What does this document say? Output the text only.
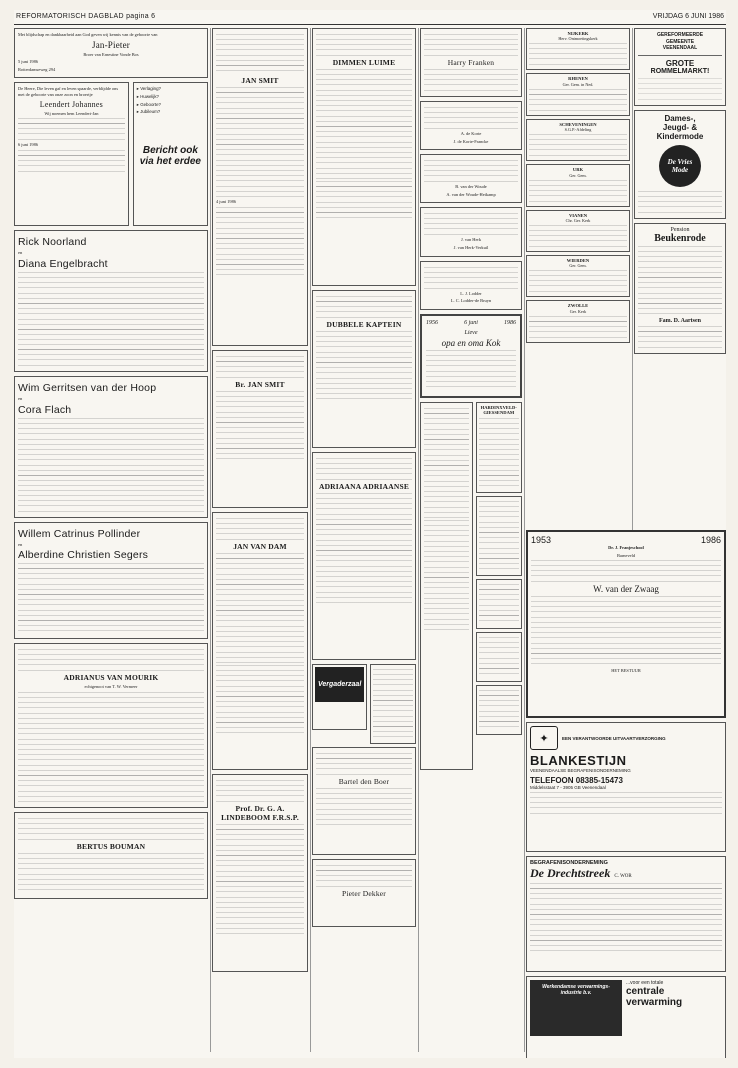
REFORMATORISCH DAGBLAD pagina 6	VRIJDAG 6 JUNI 1986

Met blijdschap en dankbaarheid aan God geven wij kennis van de geboorte van

Jan-Pieter

Broer van Ernestine Vonde Bos

5 juni 1986

Rotterdamseweg 294

De Heere, Die leven gaf en leven spaarde, verblijdde ons met de geboorte van onze zoon en broertje

Leendert Johannes

Wij noemen hem Leendert-Jan

6 juni 1986

▸ Verlaging?
▸ Huwelijk?
▸ Geboorte?
▸ Jubileum?
Bericht ook via het erdee
Rick Noorland
en
Diana Engelbracht
Wim Gerritsen van der Hoop
en
Cora Flach
Willem Catrinus Pollinder
en
Alberdine Christien Segers
ADRIANUS VAN MOURIK

echtgenoot van T. W. Vermeer

BERTUS BOUMAN
JAN SMIT

4 juni 1986

Br. JAN SMIT
JAN VAN DAM
Prof. Dr. G. A. LINDEBOOM F.R.S.P.
DIMMEN LUIME
DUBBELE KAPTEIN
ADRIAANA ADRIAANSE
Vergaderzaal
Bartel den Boer
Pieter Dekker
Harry Franken
A. de Korte
J. de Korte-Francke
B. van der Woude
A. van der Woude-Heikamp
J. van Herk
J. van Herk-Verkuil
L. J. Lodder
L. C. Lodder-de Bruyn
1956	6 juni	1986
Lieve
opa en oma Kok
HARDINXVELD-GIESSENDAM
NIJKERK
Herv. Ontmoetingskerk
RHENEN
Ger. Gem. in Ned.
SCHEVENINGEN
S.G.P.-Afdeling
URK
Ger. Gem.
VIANEN
Chr. Ger. Kerk
WIERDEN
Ger. Gem.
ZWOLLE
Ger. Kerk
GEREFORMEERDE
GEMEENTE
VEENENDAAL
GROTE
ROMMELMARKT!
Dames-,
Jeugd- &
Kindermode
De Vries Mode
Pension
Beukenrode
Fam. D. Aartsen
1953	1986
Dr. J. Franjeschool
Barneveld
W. van der Zwaag
HET BESTUUR
✦	EEN VERANTWOORDE UITVAARTVERZORGING
BLANKESTIJN
VEENENDAALSE BEGRAFENISONDERNEMING
TELEFOON 08385-15473
Middelsstaat 7 - 3905 GB Veenendaal
BEGRAFENISONDERNEMING
De Drechtstreek C. WOR
Werkendamse verwarmings- industrie b.v.
...voor een totale
centrale
verwarming
